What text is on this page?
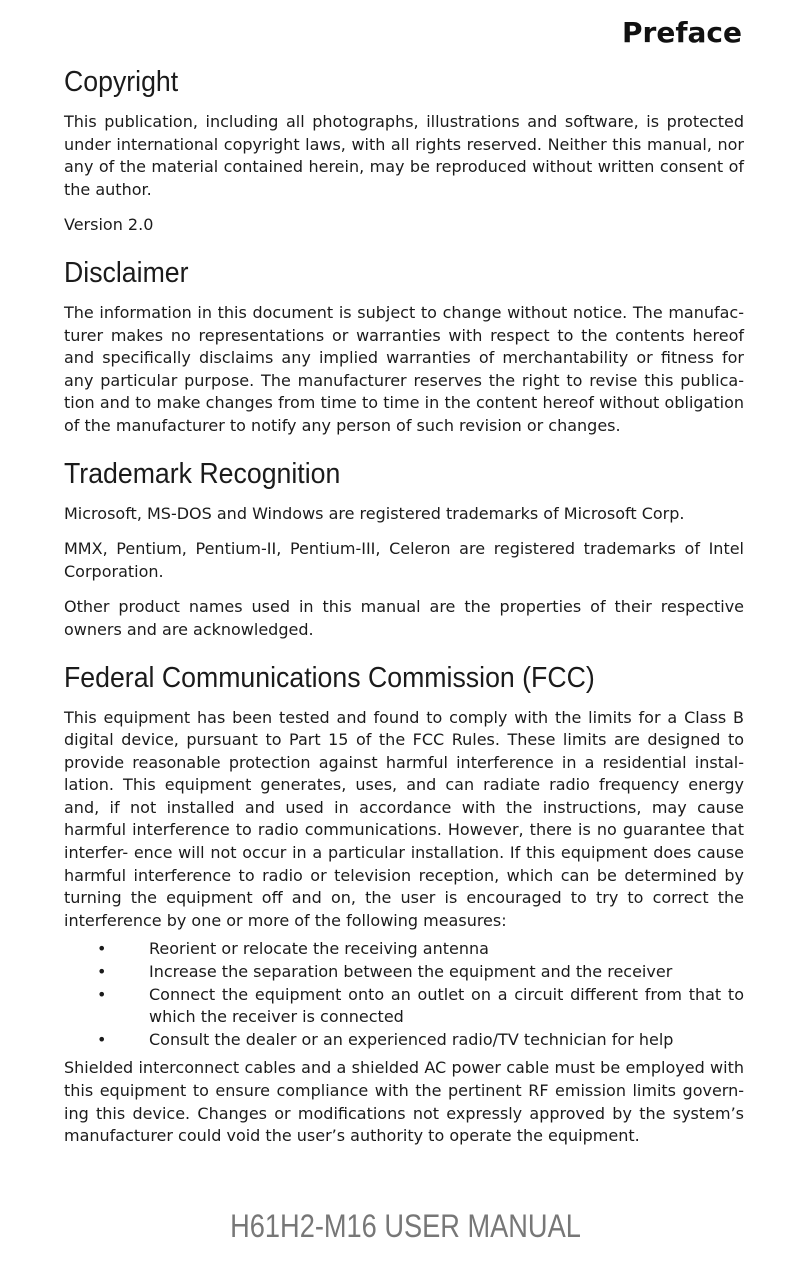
Preface
Copyright

This publication, including all photographs, illustrations and software, is protected under international copyright laws, with all rights reserved. Neither this manual, nor any of the material contained herein, may be reproduced without written consent of the author.

Version 2.0

Disclaimer

The information in this document is subject to change without notice. The manufac- turer makes no representations or warranties with respect to the contents hereof and specifically disclaims any implied warranties of merchantability or fitness for any particular purpose. The manufacturer reserves the right to revise this publica- tion and to make changes from time to time in the content hereof without obligation of the manufacturer to notify any person of such revision or changes.

Trademark Recognition

Microsoft, MS-DOS and Windows are registered trademarks of Microsoft Corp.

MMX, Pentium, Pentium-II, Pentium-III, Celeron are registered trademarks of Intel Corporation.

Other product names used in this manual are the properties of their respective owners and are acknowledged.

Federal Communications Commission (FCC)

This equipment has been tested and found to comply with the limits for a Class B digital device, pursuant to Part 15 of the FCC Rules. These limits are designed to provide reasonable protection against harmful interference in a residential instal- lation. This equipment generates, uses, and can radiate radio frequency energy and, if not installed and used in accordance with the instructions, may cause harmful interference to radio communications. However, there is no guarantee that interfer- ence will not occur in a particular installation. If this equipment does cause harmful interference to radio or television reception, which can be determined by turning the equipment off and on, the user is encouraged to try to correct the interference by one or more of the following measures:

•	Reorient or relocate the receiving antenna
•	Increase the separation between the equipment and the receiver
•	Connect the equipment onto an outlet on a circuit different from that to which the receiver is connected
•	Consult the dealer or an experienced radio/TV technician for help

Shielded interconnect cables and a shielded AC power cable must be employed with this equipment to ensure compliance with the pertinent RF emission limits govern- ing this device. Changes or modifications not expressly approved by the system’s manufacturer could void the user’s authority to operate the equipment.

H61H2-M16 USER MANUAL
